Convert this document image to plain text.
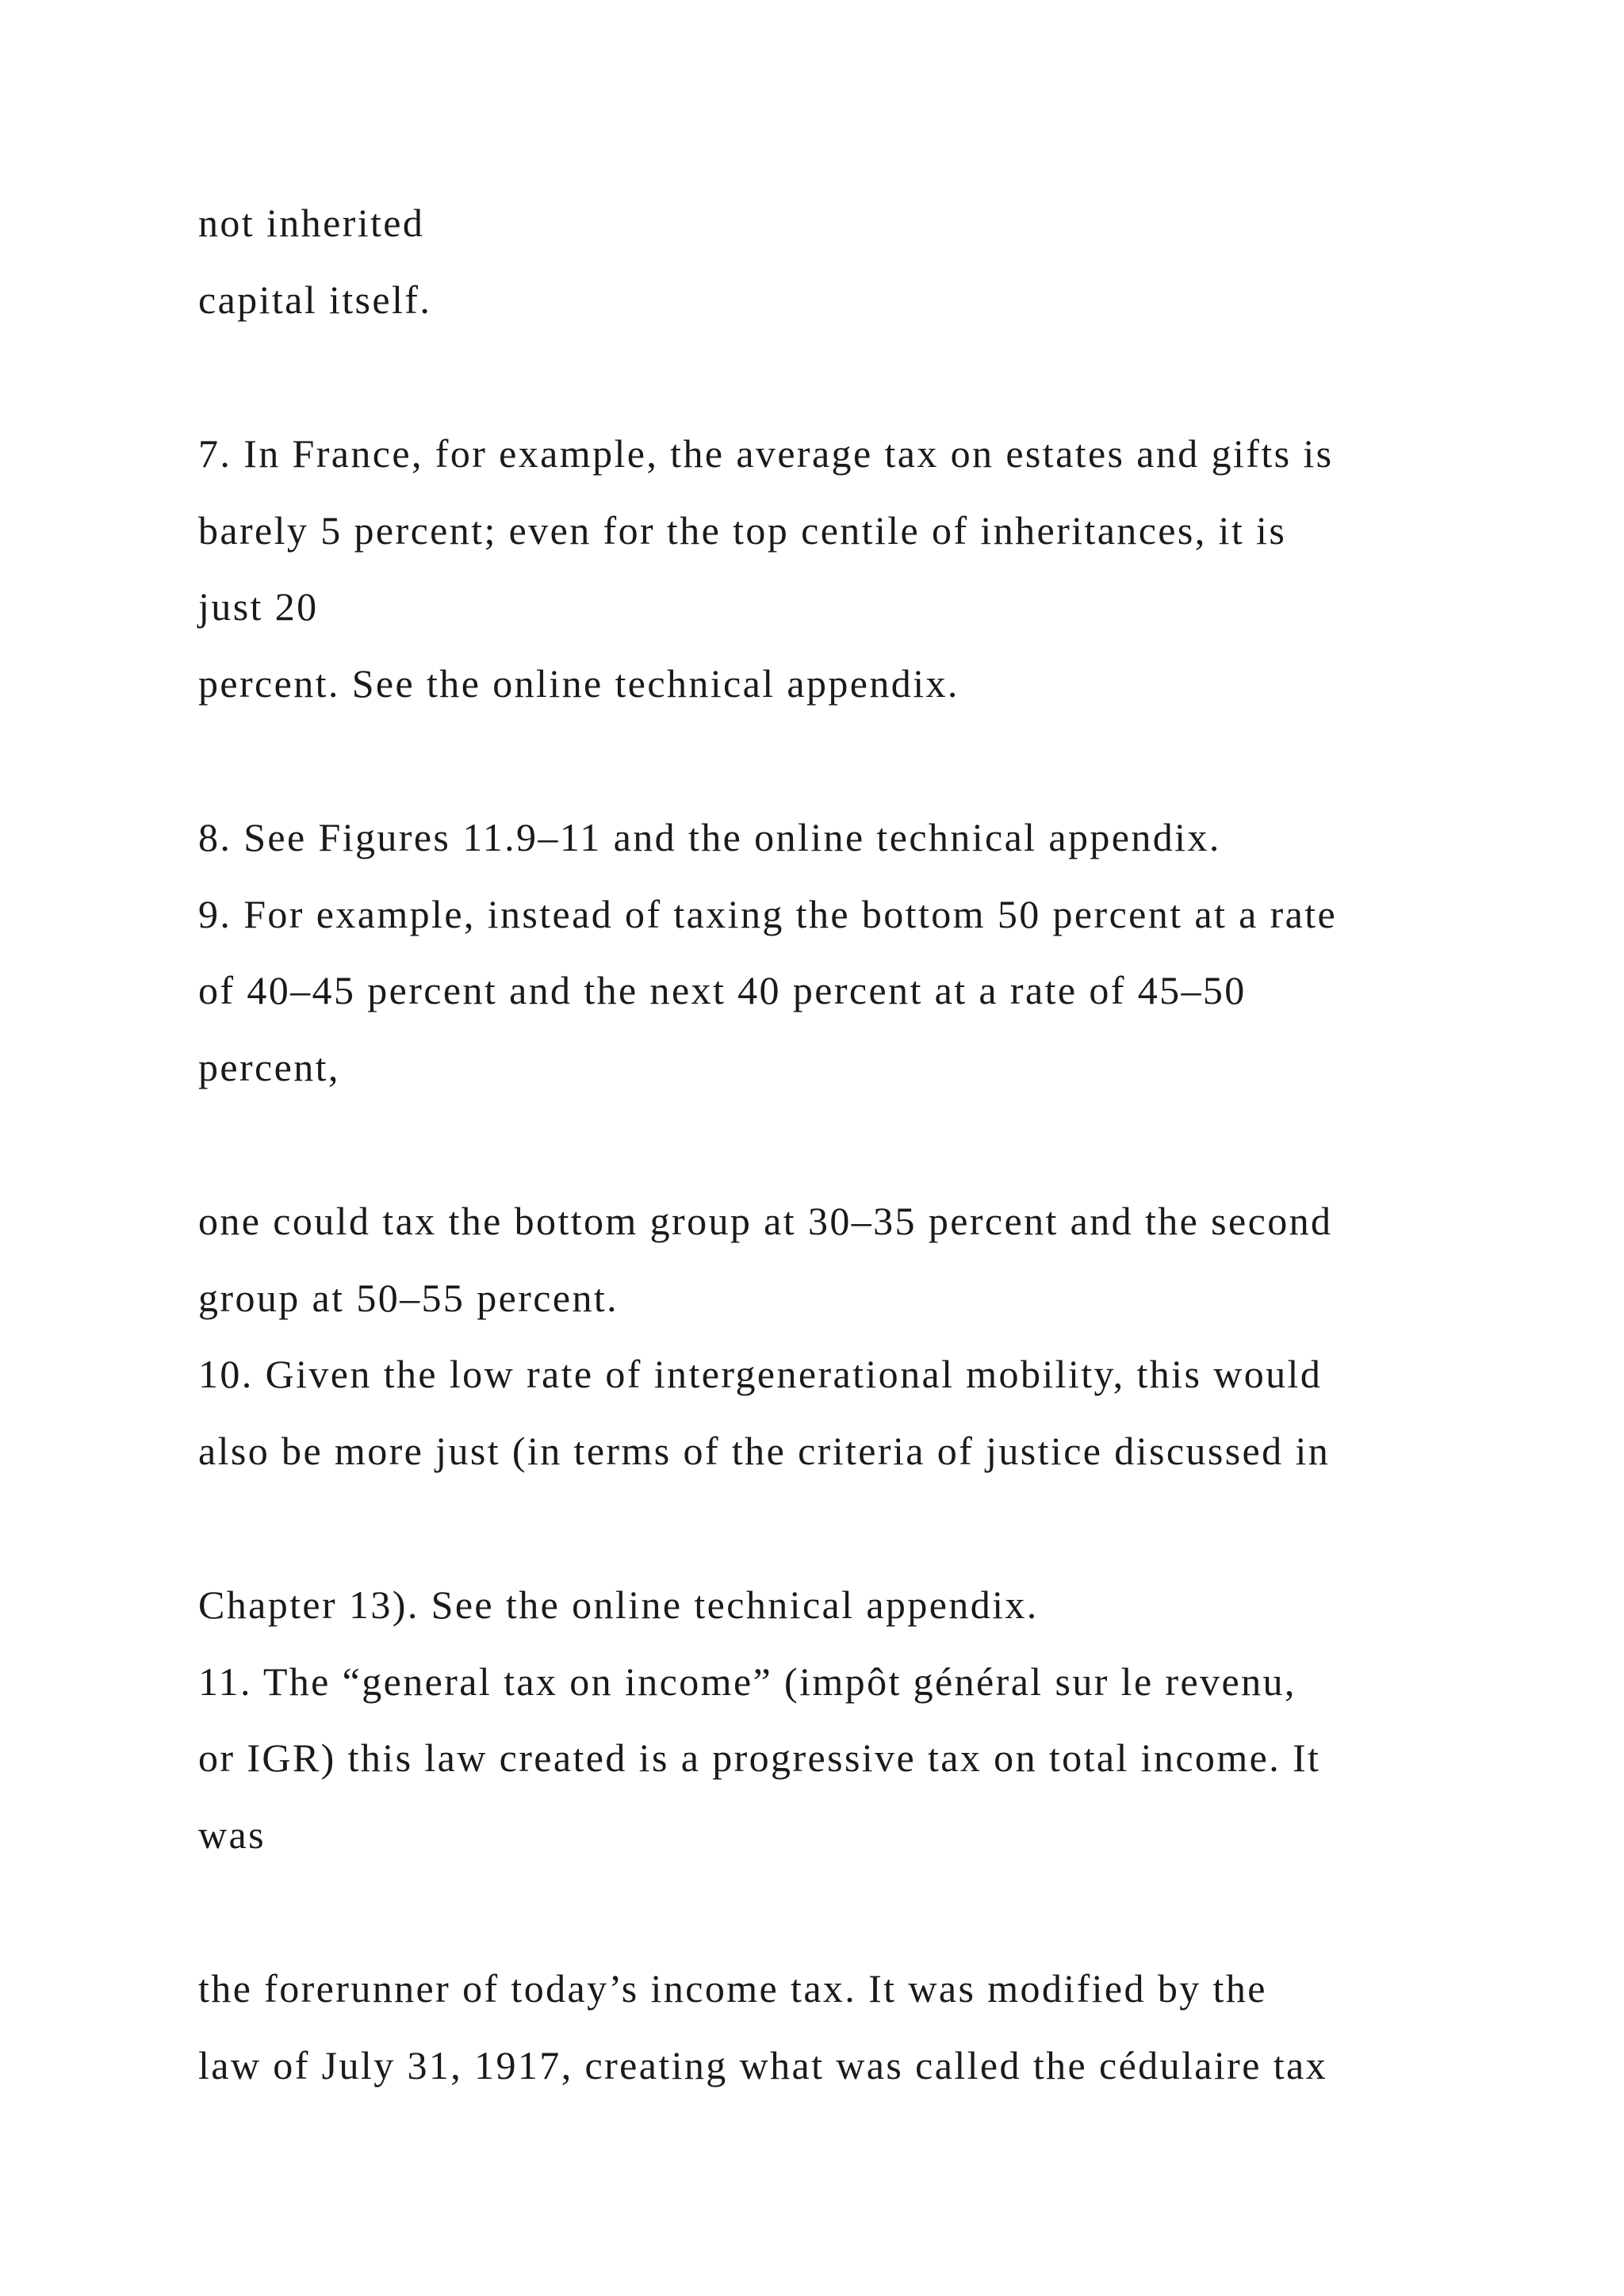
not inherited

capital itself.

7. In France, for example, the average tax on estates and gifts is

barely 5 percent; even for the top centile of inheritances, it is

just 20

percent. See the online technical appendix.

8. See Figures 11.9–11 and the online technical appendix.

9. For example, instead of taxing the bottom 50 percent at a rate

of 40–45 percent and the next 40 percent at a rate of 45–50

percent,

one could tax the bottom group at 30–35 percent and the second

group at 50–55 percent.

10. Given the low rate of intergenerational mobility, this would

also be more just (in terms of the criteria of justice discussed in

Chapter 13). See the online technical appendix.

11. The “general tax on income” (impôt général sur le revenu,

or IGR) this law created is a progressive tax on total income. It

was

the forerunner of today’s income tax. It was modified by the

law of July 31, 1917, creating what was called the cédulaire tax
